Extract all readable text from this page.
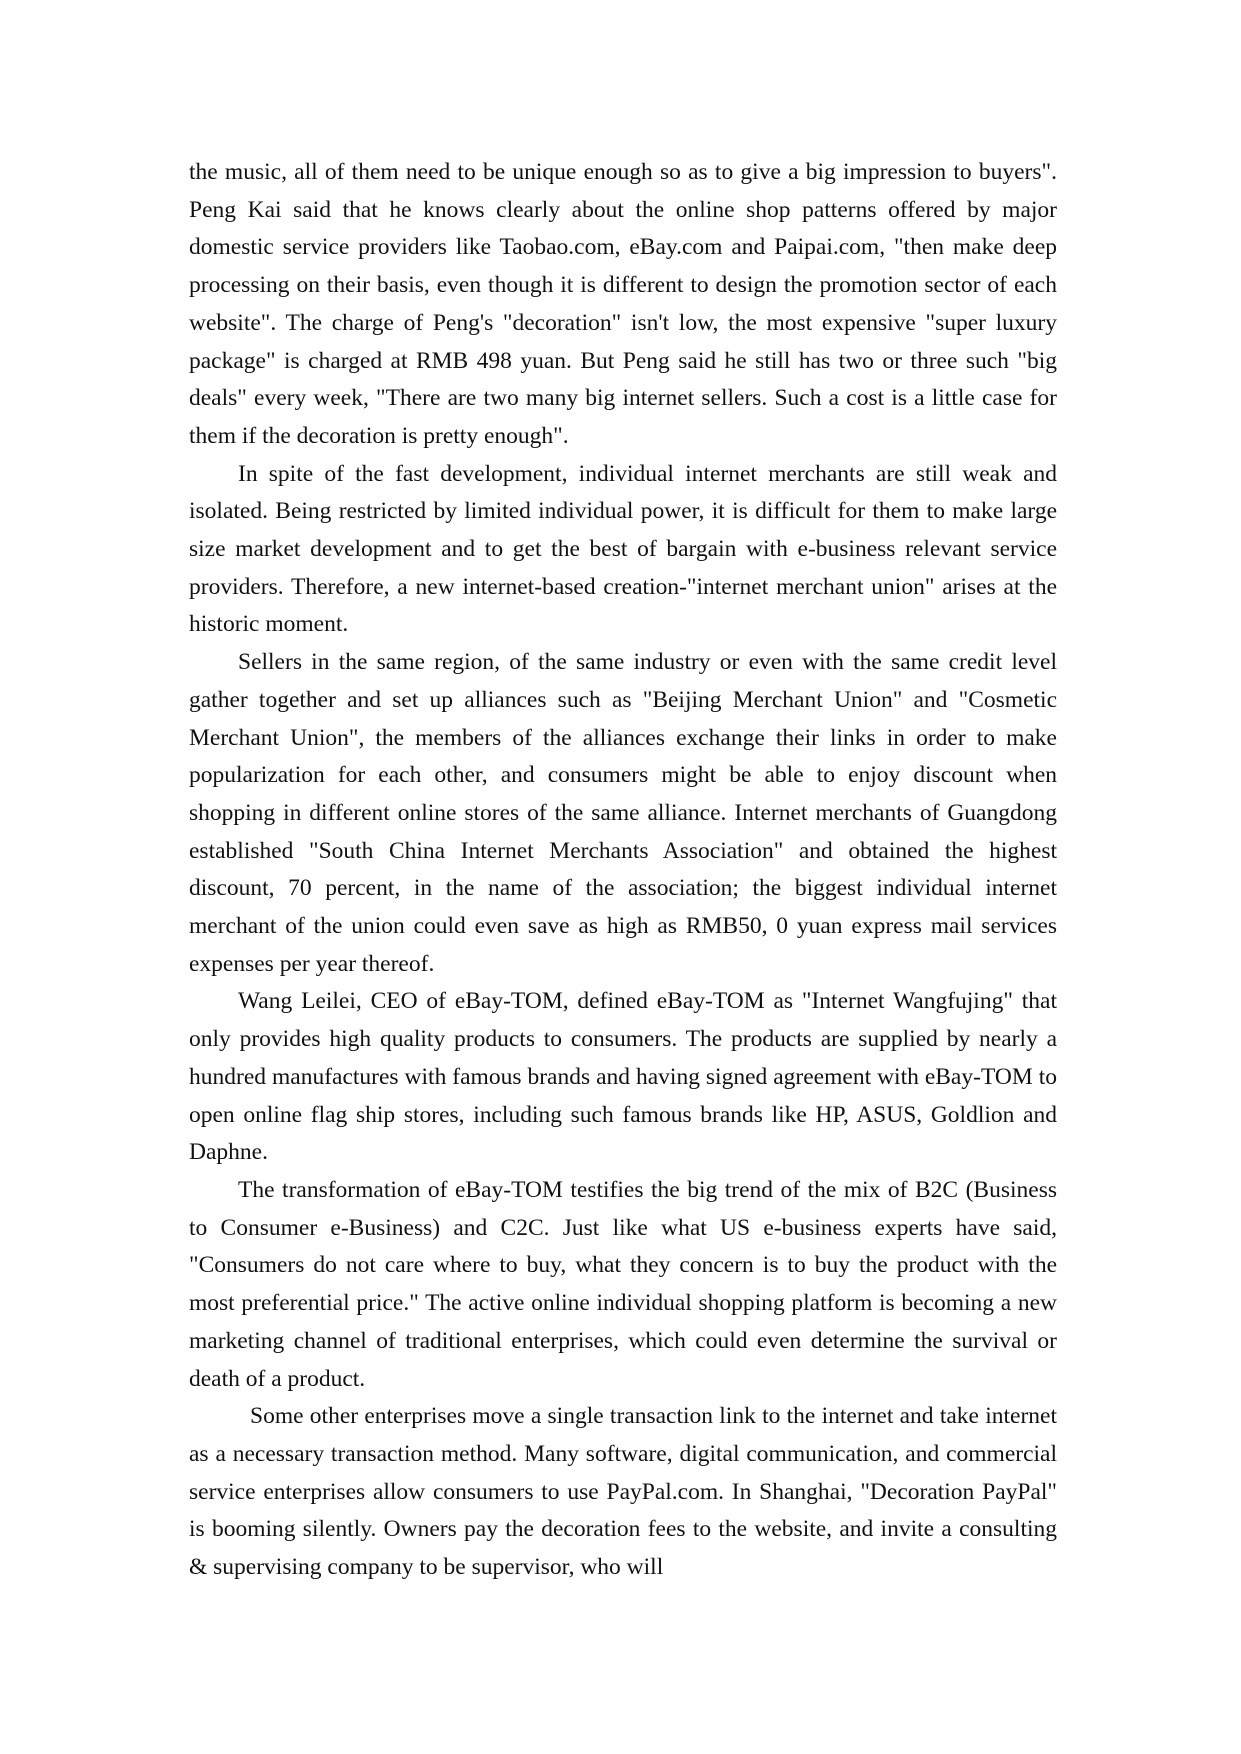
the music, all of them need to be unique enough so as to give a big impression to buyers". Peng Kai said that he knows clearly about the online shop patterns offered by major domestic service providers like Taobao.com, eBay.com and Paipai.com, "then make deep processing on their basis, even though it is different to design the promotion sector of each website". The charge of Peng's "decoration" isn't low, the most expensive "super luxury package" is charged at RMB 498 yuan. But Peng said he still has two or three such "big deals" every week, "There are two many big internet sellers. Such a cost is a little case for them if the decoration is pretty enough".

In spite of the fast development, individual internet merchants are still weak and isolated. Being restricted by limited individual power, it is difficult for them to make large size market development and to get the best of bargain with e-business relevant service providers. Therefore, a new internet-based creation-"internet merchant union" arises at the historic moment.

Sellers in the same region, of the same industry or even with the same credit level gather together and set up alliances such as "Beijing Merchant Union" and "Cosmetic Merchant Union", the members of the alliances exchange their links in order to make popularization for each other, and consumers might be able to enjoy discount when shopping in different online stores of the same alliance. Internet merchants of Guangdong established "South China Internet Merchants Association" and obtained the highest discount, 70 percent, in the name of the association; the biggest individual internet merchant of the union could even save as high as RMB50, 0 yuan express mail services expenses per year thereof.

Wang Leilei, CEO of eBay-TOM, defined eBay-TOM as "Internet Wangfujing" that only provides high quality products to consumers. The products are supplied by nearly a hundred manufactures with famous brands and having signed agreement with eBay-TOM to open online flag ship stores, including such famous brands like HP, ASUS, Goldlion and Daphne.

The transformation of eBay-TOM testifies the big trend of the mix of B2C (Business to Consumer e-Business) and C2C. Just like what US e-business experts have said, "Consumers do not care where to buy, what they concern is to buy the product with the most preferential price." The active online individual shopping platform is becoming a new marketing channel of traditional enterprises, which could even determine the survival or death of a product.

Some other enterprises move a single transaction link to the internet and take internet as a necessary transaction method. Many software, digital communication, and commercial service enterprises allow consumers to use PayPal.com. In Shanghai, "Decoration PayPal" is booming silently. Owners pay the decoration fees to the website, and invite a consulting & supervising company to be supervisor, who will
